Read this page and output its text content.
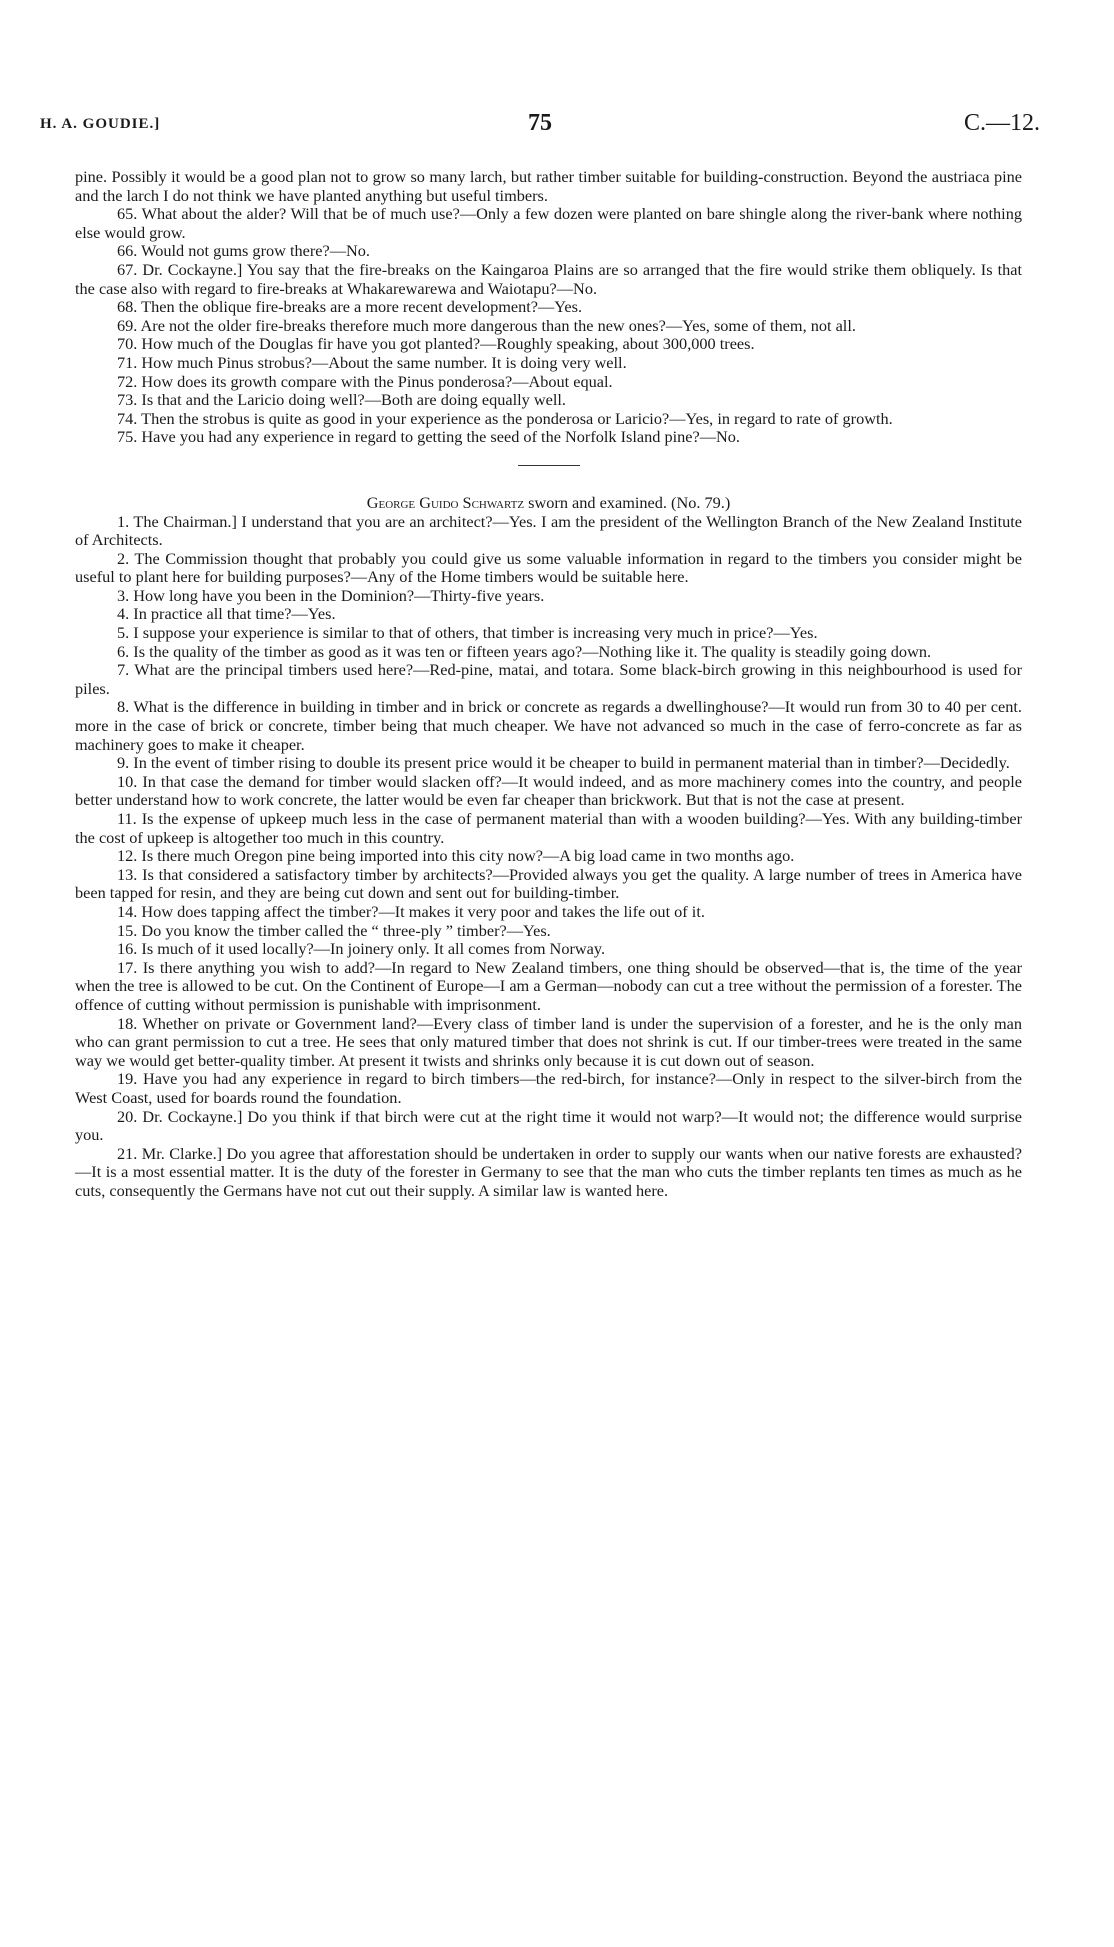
H. A. GOUDIE.]	75	C.—12.

pine. Possibly it would be a good plan not to grow so many larch, but rather timber suitable for building-construction. Beyond the austriaca pine and the larch I do not think we have planted anything but useful timbers.

65. What about the alder? Will that be of much use?—Only a few dozen were planted on bare shingle along the river-bank where nothing else would grow.

66. Would not gums grow there?—No.

67. Dr. Cockayne.] You say that the fire-breaks on the Kaingaroa Plains are so arranged that the fire would strike them obliquely. Is that the case also with regard to fire-breaks at Whakarewarewa and Waiotapu?—No.

68. Then the oblique fire-breaks are a more recent development?—Yes.

69. Are not the older fire-breaks therefore much more dangerous than the new ones?—Yes, some of them, not all.

70. How much of the Douglas fir have you got planted?—Roughly speaking, about 300,000 trees.

71. How much Pinus strobus?—About the same number. It is doing very well.

72. How does its growth compare with the Pinus ponderosa?—About equal.

73. Is that and the Laricio doing well?—Both are doing equally well.

74. Then the strobus is quite as good in your experience as the ponderosa or Laricio?—Yes, in regard to rate of growth.

75. Have you had any experience in regard to getting the seed of the Norfolk Island pine?—No.

George Guido Schwartz sworn and examined. (No. 79.)

1. The Chairman.] I understand that you are an architect?—Yes. I am the president of the Wellington Branch of the New Zealand Institute of Architects.

2. The Commission thought that probably you could give us some valuable information in regard to the timbers you consider might be useful to plant here for building purposes?—Any of the Home timbers would be suitable here.

3. How long have you been in the Dominion?—Thirty-five years.

4. In practice all that time?—Yes.

5. I suppose your experience is similar to that of others, that timber is increasing very much in price?—Yes.

6. Is the quality of the timber as good as it was ten or fifteen years ago?—Nothing like it. The quality is steadily going down.

7. What are the principal timbers used here?—Red-pine, matai, and totara. Some black-birch growing in this neighbourhood is used for piles.

8. What is the difference in building in timber and in brick or concrete as regards a dwellinghouse?—It would run from 30 to 40 per cent. more in the case of brick or concrete, timber being that much cheaper. We have not advanced so much in the case of ferro-concrete as far as machinery goes to make it cheaper.

9. In the event of timber rising to double its present price would it be cheaper to build in permanent material than in timber?—Decidedly.

10. In that case the demand for timber would slacken off?—It would indeed, and as more machinery comes into the country, and people better understand how to work concrete, the latter would be even far cheaper than brickwork. But that is not the case at present.

11. Is the expense of upkeep much less in the case of permanent material than with a wooden building?—Yes. With any building-timber the cost of upkeep is altogether too much in this country.

12. Is there much Oregon pine being imported into this city now?—A big load came in two months ago.

13. Is that considered a satisfactory timber by architects?—Provided always you get the quality. A large number of trees in America have been tapped for resin, and they are being cut down and sent out for building-timber.

14. How does tapping affect the timber?—It makes it very poor and takes the life out of it.

15. Do you know the timber called the “ three-ply ” timber?—Yes.

16. Is much of it used locally?—In joinery only. It all comes from Norway.

17. Is there anything you wish to add?—In regard to New Zealand timbers, one thing should be observed—that is, the time of the year when the tree is allowed to be cut. On the Continent of Europe—I am a German—nobody can cut a tree without the permission of a forester. The offence of cutting without permission is punishable with imprisonment.

18. Whether on private or Government land?—Every class of timber land is under the supervision of a forester, and he is the only man who can grant permission to cut a tree. He sees that only matured timber that does not shrink is cut. If our timber-trees were treated in the same way we would get better-quality timber. At present it twists and shrinks only because it is cut down out of season.

19. Have you had any experience in regard to birch timbers—the red-birch, for instance?—Only in respect to the silver-birch from the West Coast, used for boards round the foundation.

20. Dr. Cockayne.] Do you think if that birch were cut at the right time it would not warp?—It would not; the difference would surprise you.

21. Mr. Clarke.] Do you agree that afforestation should be undertaken in order to supply our wants when our native forests are exhausted?—It is a most essential matter. It is the duty of the forester in Germany to see that the man who cuts the timber replants ten times as much as he cuts, consequently the Germans have not cut out their supply. A similar law is wanted here.
